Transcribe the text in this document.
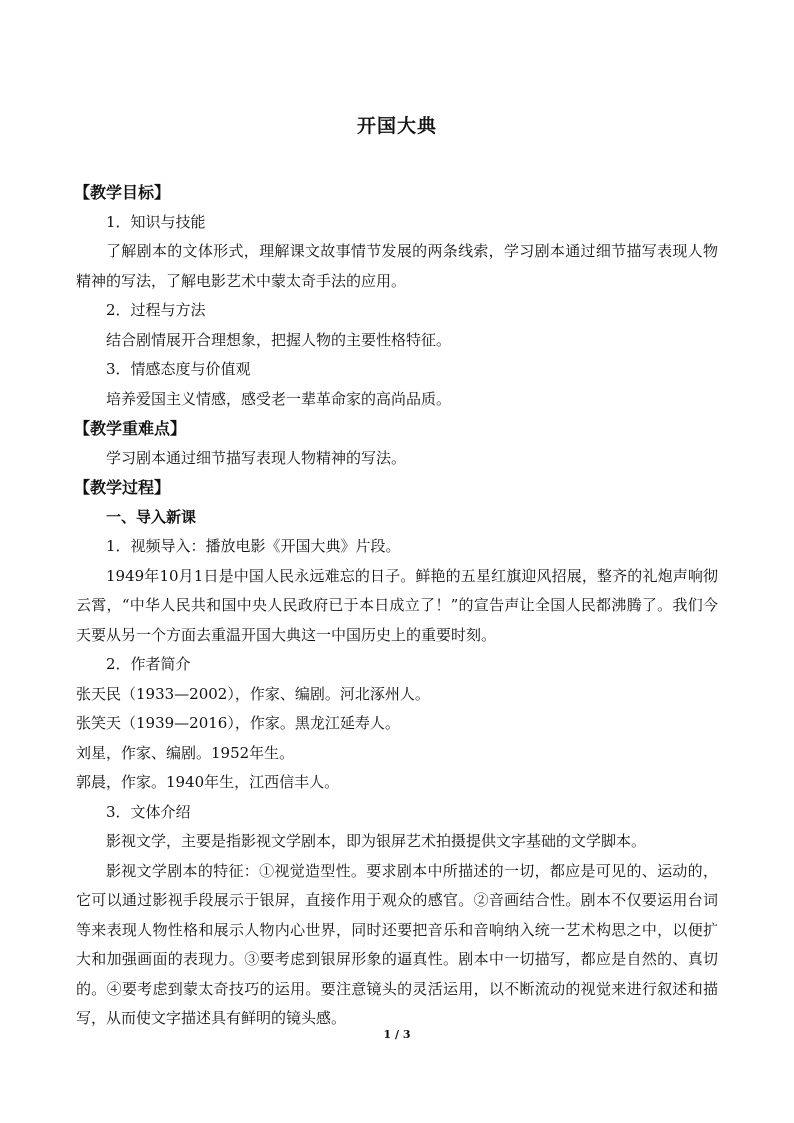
开国大典

【教学目标】

1．知识与技能

了解剧本的文体形式，理解课文故事情节发展的两条线索，学习剧本通过细节描写表现人物精神的写法，了解电影艺术中蒙太奇手法的应用。

2．过程与方法

结合剧情展开合理想象，把握人物的主要性格特征。

3．情感态度与价值观

培养爱国主义情感，感受老一辈革命家的高尚品质。

【教学重难点】

学习剧本通过细节描写表现人物精神的写法。

【教学过程】

一、导入新课

1．视频导入：播放电影《开国大典》片段。

1949年10月1日是中国人民永远难忘的日子。鲜艳的五星红旗迎风招展，整齐的礼炮声响彻云霄，“中华人民共和国中央人民政府已于本日成立了！”的宣告声让全国人民都沸腾了。我们今天要从另一个方面去重温开国大典这一中国历史上的重要时刻。

2．作者简介

张天民（1933—2002），作家、编剧。河北涿州人。

张笑天（1939—2016），作家。黑龙江延寿人。

刘星，作家、编剧。1952年生。

郭晨，作家。1940年生，江西信丰人。

3．文体介绍

影视文学，主要是指影视文学剧本，即为银屏艺术拍摄提供文字基础的文学脚本。

影视文学剧本的特征：①视觉造型性。要求剧本中所描述的一切，都应是可见的、运动的，它可以通过影视手段展示于银屏，直接作用于观众的感官。②音画结合性。剧本不仅要运用台词等来表现人物性格和展示人物内心世界，同时还要把音乐和音响纳入统一艺术构思之中，以便扩大和加强画面的表现力。③要考虑到银屏形象的逼真性。剧本中一切描写，都应是自然的、真切的。④要考虑到蒙太奇技巧的运用。要注意镜头的灵活运用，以不断流动的视觉来进行叙述和描写，从而使文字描述具有鲜明的镜头感。

1 / 3
